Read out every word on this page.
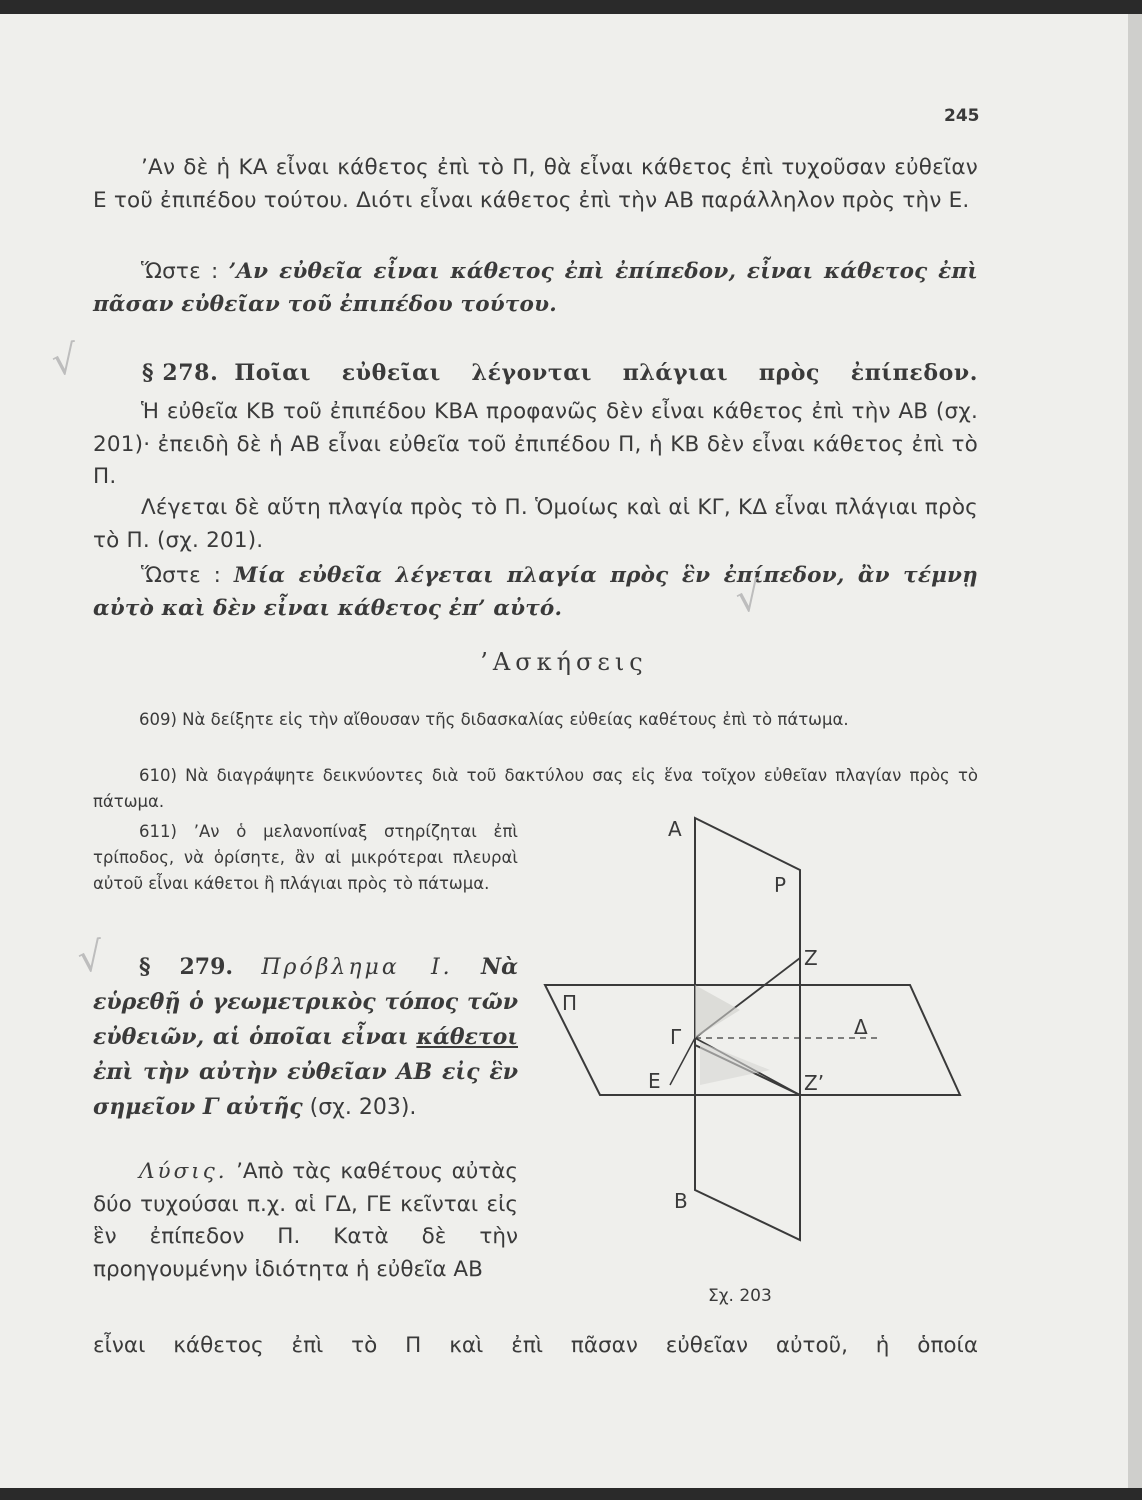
245

’Αν δὲ ἡ ΚΑ εἶναι κάθετος ἐπὶ τὸ Π, θὰ εἶναι κάθετος ἐπὶ τυχοῦσαν εὐθεῖαν Ε τοῦ ἐπιπέδου τούτου. Διότι εἶναι κάθετος ἐπὶ τὴν ΑΒ παράλληλον πρὸς τὴν Ε.

Ὥστε : ’Αν εὐθεῖα εἶναι κάθετος ἐπὶ ἐπίπεδον, εἶναι κάθετος ἐπὶ πᾶσαν εὐθεῖαν τοῦ ἐπιπέδου τούτου.

§ 278. Ποῖαι εὐθεῖαι λέγονται πλάγιαι πρὸς ἐπίπεδον.

Ἡ εὐθεῖα ΚΒ τοῦ ἐπιπέδου ΚΒΑ προφανῶς δὲν εἶναι κάθετος ἐπὶ τὴν ΑΒ (σχ. 201)· ἐπειδὴ δὲ ἡ ΑΒ εἶναι εὐθεῖα τοῦ ἐπιπέδου Π, ἡ ΚΒ δὲν εἶναι κάθετος ἐπὶ τὸ Π.

Λέγεται δὲ αὕτη πλαγία πρὸς τὸ Π. Ὁμοίως καὶ αἱ ΚΓ, ΚΔ εἶναι πλάγιαι πρὸς τὸ Π. (σχ. 201).

Ὥστε : Μία εὐθεῖα λέγεται πλαγία πρὸς ἓν ἐπίπεδον, ἂν τέμνῃ αὐτὸ καὶ δὲν εἶναι κάθετος ἐπ’ αὐτό.

’Ασκήσεις

609) Νὰ δείξητε εἰς τὴν αἴθουσαν τῆς διδασκαλίας εὐθείας καθέτους ἐπὶ τὸ πάτωμα.

610) Νὰ διαγράψητε δεικνύοντες διὰ τοῦ δακτύλου σας εἰς ἕνα τοῖχον εὐθεῖαν πλαγίαν πρὸς τὸ πάτωμα.

611) ’Αν ὁ μελανοπίναξ στηρίζηται ἐπὶ τρίποδος, νὰ ὁρίσητε, ἂν αἱ μικρότεραι πλευραὶ αὐτοῦ εἶναι κάθετοι ἢ πλάγιαι πρὸς τὸ πάτωμα.

§ 279. Πρόβλημα Ι. Νὰ εὑρεθῇ ὁ γεωμετρικὸς τόπος τῶν εὐθειῶν, αἱ ὁποῖαι εἶναι κάθετοι ἐπὶ τὴν αὐτὴν εὐθεῖαν ΑΒ εἰς ἓν σημεῖον Γ αὐτῆς (σχ. 203).

Λύσις. ’Απὸ τὰς καθέτους αὐτὰς δύο τυχούσαι π.χ. αἱ ΓΔ, ΓΕ κεῖνται εἰς ἓν ἐπίπεδον Π. Κατὰ δὲ τὴν προηγουμένην ἰδιότητα ἡ εὐθεῖα ΑΒ

εἶναι κάθετος ἐπὶ τὸ Π καὶ ἐπὶ πᾶσαν εὐθεῖαν αὐτοῦ, ἡ ὁποία

√
√
√
Α
Ρ
Ζ
Π
Γ	Δ
Ε	Ζ’
Β
Σχ. 203
